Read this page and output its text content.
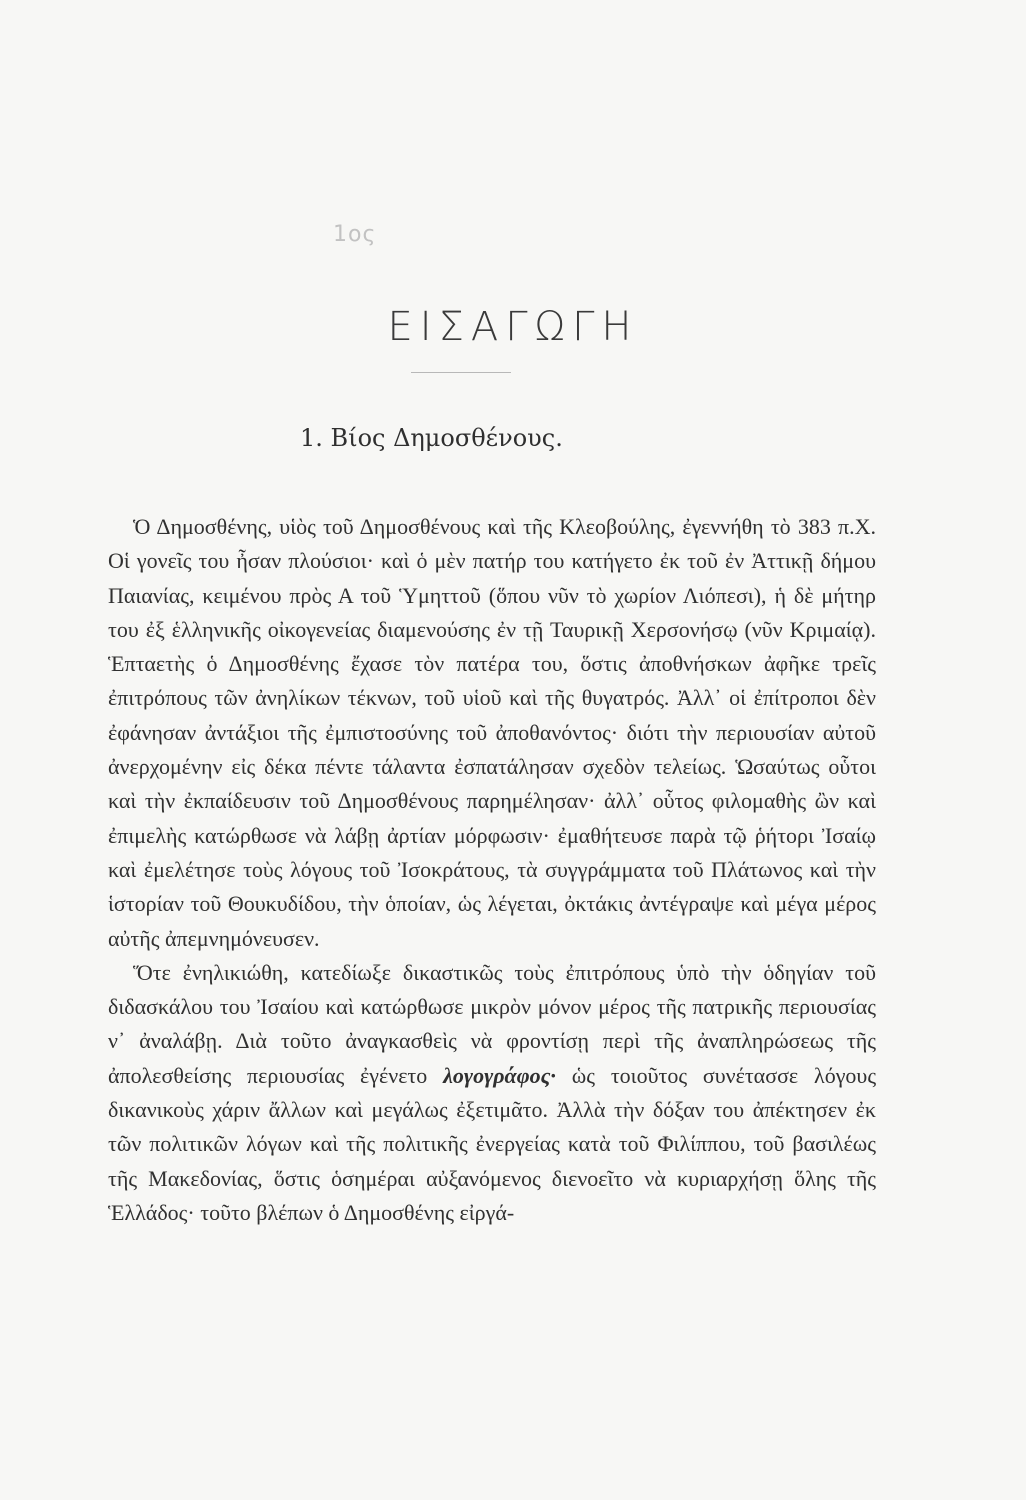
1ος
ΕΙΣΑΓΩΓΗ
1. Βίος Δημοσθένους.

Ὁ Δημοσθένης, υἱὸς τοῦ Δημοσθένους καὶ τῆς Κλεοβούλης, ἐγεννήθη τὸ 383 π.Χ. Οἱ γονεῖς του ἦσαν πλούσιοι· καὶ ὁ μὲν πατήρ του κατήγετο ἐκ τοῦ ἐν Ἀττικῇ δήμου Παιανίας, κειμένου πρὸς Α τοῦ Ὑμηττοῦ (ὅπου νῦν τὸ χωρίον Λιόπεσι), ἡ δὲ μήτηρ του ἐξ ἑλληνικῆς οἰκογενείας διαμενούσης ἐν τῇ Ταυρικῇ Χερσονήσῳ (νῦν Κριμαίᾳ). Ἑπταετὴς ὁ Δημοσθένης ἔχασε τὸν πατέρα του, ὅστις ἀποθνήσκων ἀφῆκε τρεῖς ἐπιτρόπους τῶν ἀνηλίκων τέκνων, τοῦ υἱοῦ καὶ τῆς θυγατρός. Ἀλλ᾽ οἱ ἐπίτροποι δὲν ἐφάνησαν ἀντάξιοι τῆς ἐμπιστοσύνης τοῦ ἀποθανόντος· διότι τὴν περιουσίαν αὐτοῦ ἀνερχομένην εἰς δέκα πέντε τάλαντα ἐσπατάλησαν σχεδὸν τελείως. Ὡσαύτως οὗτοι καὶ τὴν ἐκπαίδευσιν τοῦ Δημοσθένους παρημέλησαν· ἀλλ᾽ οὗτος φιλομαθὴς ὢν καὶ ἐπιμελὴς κατώρθωσε νὰ λάβῃ ἀρτίαν μόρφωσιν· ἐμαθήτευσε παρὰ τῷ ῥήτορι Ἰσαίῳ καὶ ἐμελέτησε τοὺς λόγους τοῦ Ἰσοκράτους, τὰ συγγράμματα τοῦ Πλάτωνος καὶ τὴν ἱστορίαν τοῦ Θουκυδίδου, τὴν ὁποίαν, ὡς λέγεται, ὀκτάκις ἀντέγραψε καὶ μέγα μέρος αὐτῆς ἀπεμνημόνευσεν.

Ὅτε ἐνηλικιώθη, κατεδίωξε δικαστικῶς τοὺς ἐπιτρόπους ὑπὸ τὴν ὁδηγίαν τοῦ διδασκάλου του Ἰσαίου καὶ κατώρθωσε μικρὸν μόνον μέρος τῆς πατρικῆς περιουσίας ν᾽ ἀναλάβῃ. Διὰ τοῦτο ἀναγκασθεὶς νὰ φροντίσῃ περὶ τῆς ἀναπληρώσεως τῆς ἀπολεσθείσης περιουσίας ἐγένετο λογογράφος· ὡς τοιοῦτος συνέτασσε λόγους δικανικοὺς χάριν ἄλλων καὶ μεγάλως ἐξετιμᾶτο. Ἀλλὰ τὴν δόξαν του ἀπέκτησεν ἐκ τῶν πολιτικῶν λόγων καὶ τῆς πολιτικῆς ἐνεργείας κατὰ τοῦ Φιλίππου, τοῦ βασιλέως τῆς Μακεδονίας, ὅστις ὁσημέραι αὐξανόμενος διενοεῖτο νὰ κυριαρχήσῃ ὅλης τῆς Ἑλλάδος· τοῦτο βλέπων ὁ Δημοσθένης εἰργά-
